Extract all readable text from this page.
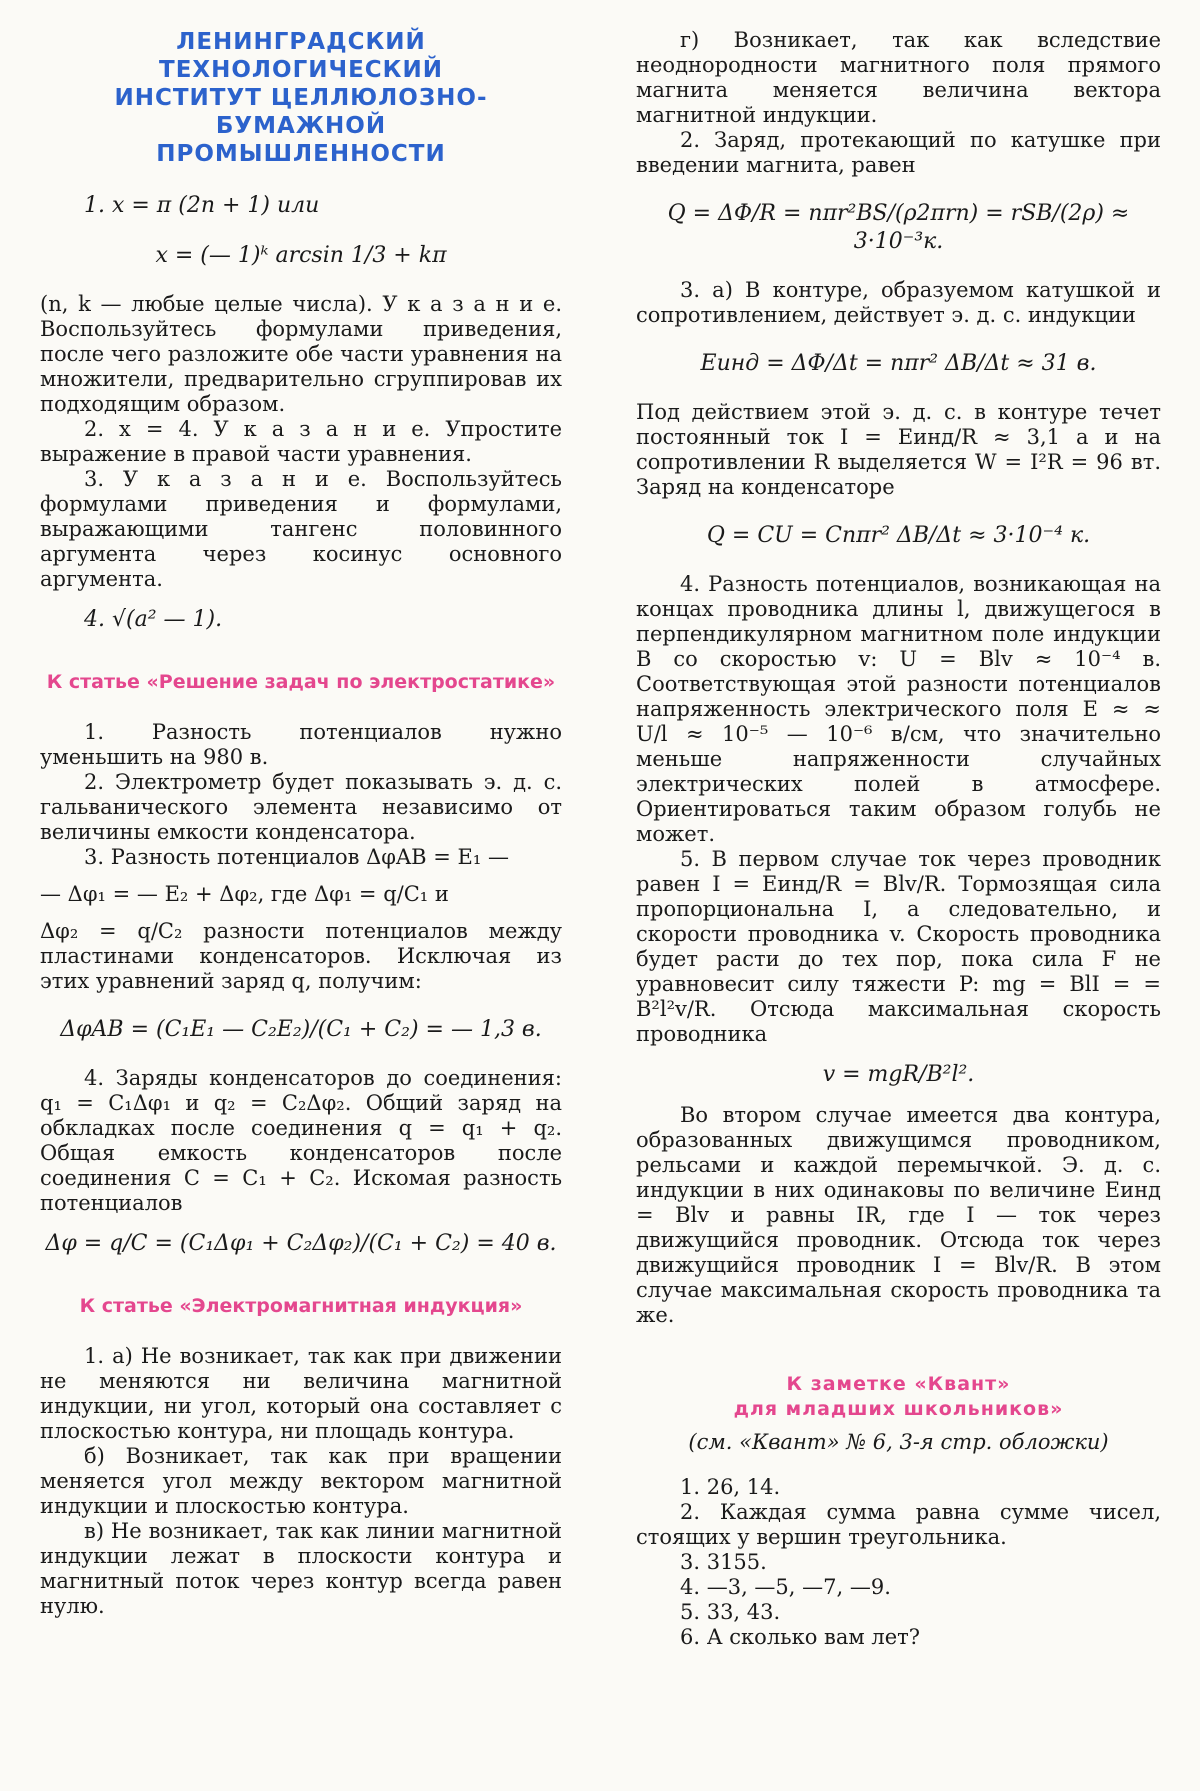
ЛЕНИНГРАДСКИЙ ТЕХНОЛОГИЧЕСКИЙ
ИНСТИТУТ ЦЕЛЛЮЛОЗНО-БУМАЖНОЙ
ПРОМЫШЛЕННОСТИ
1. x = π (2n + 1) или
x = (— 1)ᵏ arcsin 1/3 + kπ

(n, k — любые целые числа). У к а з а н и е. Воспользуйтесь формулами приведения, после чего разложите обе части уравнения на множители, предварительно сгруппировав их подходящим образом.

2. x = 4. У к а з а н и е. Упростите выражение в правой части уравнения.

3. У к а з а н и е. Воспользуйтесь формулами приведения и формулами, выражающими тангенс половинного аргумента через косинус основного аргумента.

4. √(a² — 1).
К статье «Решение задач по электростатике»

1. Разность потенциалов нужно уменьшить на 980 в.

2. Электрометр будет показывать э. д. с. гальванического элемента независимо от величины емкости конденсатора.

3. Разность потенциалов ΔφAB = E₁ —

— Δφ₁ = — E₂ + Δφ₂, где Δφ₁ = q/C₁ и

Δφ₂ = q/C₂ разности потенциалов между пластинами конденсаторов. Исключая из этих уравнений заряд q, получим:

ΔφAB = (C₁E₁ — C₂E₂)/(C₁ + C₂) = — 1,3 в.

4. Заряды конденсаторов до соединения: q₁ = C₁Δφ₁ и q₂ = C₂Δφ₂. Общий заряд на обкладках после соединения q = q₁ + q₂. Общая емкость конденсаторов после соединения C = C₁ + C₂. Искомая разность потенциалов

Δφ = q/C = (C₁Δφ₁ + C₂Δφ₂)/(C₁ + C₂) = 40 в.
К статье «Электромагнитная индукция»

1. а) Не возникает, так как при движении не меняются ни величина магнитной индукции, ни угол, который она составляет с плоскостью контура, ни площадь контура.

б) Возникает, так как при вращении меняется угол между вектором магнитной индукции и плоскостью контура.

в) Не возникает, так как линии магнитной индукции лежат в плоскости контура и магнитный поток через контур всегда равен нулю.

г) Возникает, так как вследствие неоднородности магнитного поля прямого магнита меняется величина вектора магнитной индукции.

2. Заряд, протекающий по катушке при введении магнита, равен

Q = ΔΦ/R = nπr²BS/(ρ2πrn) = rSB/(2ρ) ≈ 3·10⁻³к.

3. а) В контуре, образуемом катушкой и сопротивлением, действует э. д. с. индукции

Eинд = ΔΦ/Δt = nπr² ΔB/Δt ≈ 31 в.

Под действием этой э. д. с. в контуре течет постоянный ток I = Eинд/R ≈ 3,1 а и на сопротивлении R выделяется W = I²R = 96 вт. Заряд на конденсаторе

Q = CU = Cnπr² ΔB/Δt ≈ 3·10⁻⁴ к.

4. Разность потенциалов, возникающая на концах проводника длины l, движущегося в перпендикулярном магнитном поле индукции B со скоростью v: U = Blv ≈ 10⁻⁴ в. Соответствующая этой разности потенциалов напряженность электрического поля E ≈ ≈ U/l ≈ 10⁻⁵ — 10⁻⁶ в/см, что значительно меньше напряженности случайных электрических полей в атмосфере. Ориентироваться таким образом голубь не может.

5. В первом случае ток через проводник равен I = Eинд/R = Blv/R. Тормозящая сила пропорциональна I, а следовательно, и скорости проводника v. Скорость проводника будет расти до тех пор, пока сила F не уравновесит силу тяжести P: mg = BlI = = B²l²v/R. Отсюда максимальная скорость проводника

v = mgR/B²l².

Во втором случае имеется два контура, образованных движущимся проводником, рельсами и каждой перемычкой. Э. д. с. индукции в них одинаковы по величине Eинд = Blv и равны IR, где I — ток через движущийся проводник. Отсюда ток через движущийся проводник I = Blv/R. В этом случае максимальная скорость проводника та же.

К заметке «Квант»
для младших школьников»
(см. «Квант» № 6, 3-я стр. обложки)

1. 26, 14.

2. Каждая сумма равна сумме чисел, стоящих у вершин треугольника.

3. 3155.

4. —3, —5, —7, —9.

5. 33, 43.

6. А сколько вам лет?
